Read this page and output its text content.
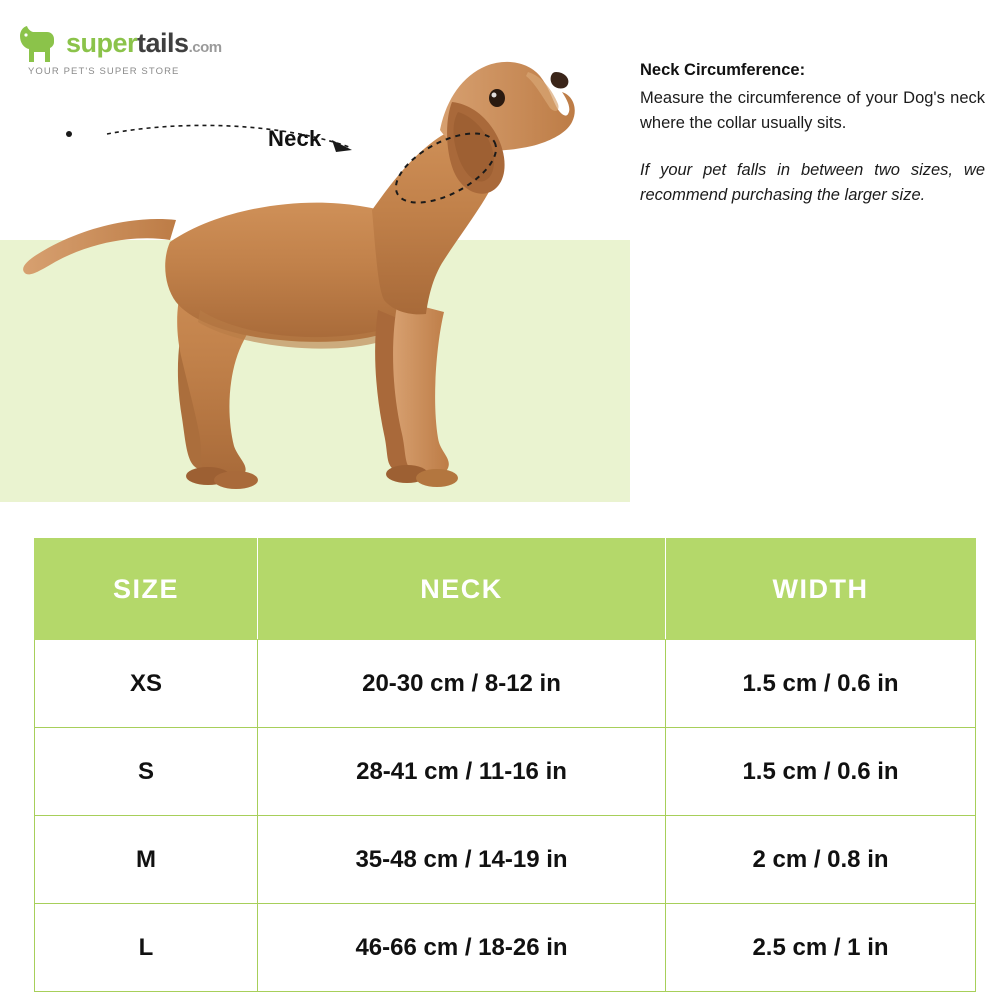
supertails.com
YOUR PET'S SUPER STORE
Neck

Neck Circumference:

Measure the circumference of your Dog's neck where the collar usually sits.

If your pet falls in between two sizes, we recommend purchasing the larger size.

SIZE	NECK	WIDTH
XS	20-30 cm / 8-12 in	1.5 cm / 0.6 in
S	28-41 cm / 11-16 in	1.5 cm / 0.6 in
M	35-48 cm / 14-19 in	2 cm / 0.8 in
L	46-66 cm / 18-26 in	2.5 cm / 1 in
